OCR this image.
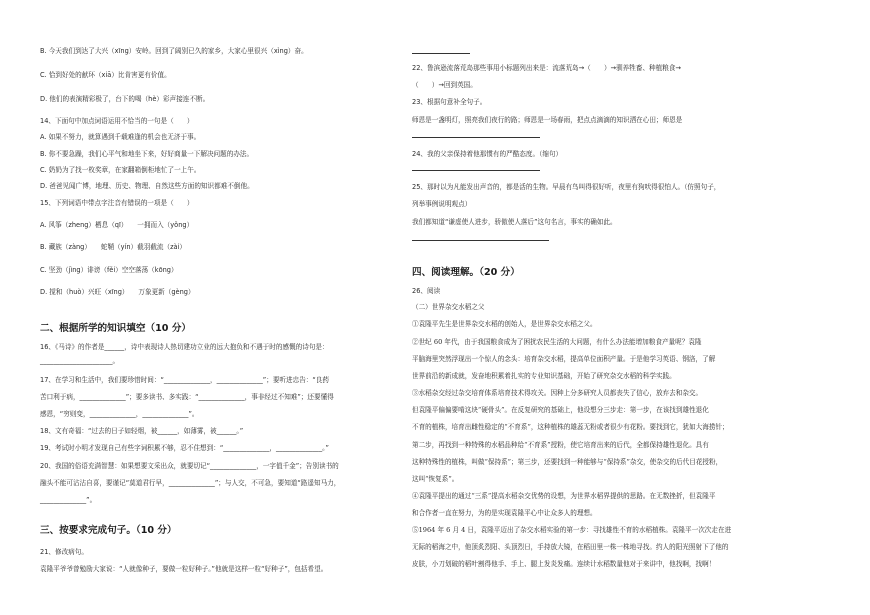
B. 今天我们到达了大兴（xīng）安岭。回到了阔别已久的家乡，大家心里很兴（xìng）奋。
C. 恰到好处的献环（xiā）比肯害更有价值。
D. 他们的表演精彩极了，台下的喝（hè）彩声接连不断。
14、下面句中加点词语运用不恰当的一句是（　　）
A. 如果不努力，就算遇到千载难逢的机会也无济于事。
B. 你不要急躁，我们心平气和地坐下来，好好商量一下解决问题的办法。
C. 奶奶为了找一枚奖章，在家翻箱倒柜地忙了一上午。
D. 爸爸见闻广博，地理、历史、物理、自然这些方面的知识都难不倒他。
15、下列词语中带点字注音有错误的一项是（　　）
A. 风筝（zheng）栖息（qī）　　一拥而入（yǒng）
B. 藏族（zàng）　　蛇鞘（yín）截羽截流（zài）
C. 坚劲（jìng）诽谤（fěi）空空落荡（kōng）
D. 搅和（huò）兴旺（xīng）　　万象更新（gèng）
二、根据所学的知识填空（10 分）
16、《马诗》的作者是______，诗中表现诗人热切建功立业的远大抱负和不遇于时的感慨的诗句是：
______________________。
17、在学习和生活中，我们要珍惜时间：“______________，______________”；要听进忠告：“良药
苦口利于病，______________”；要多读书、多实践：“______________，事非经过不知难”；还要懂得
感恩，“穷则变，______________，______________”。
18、文有奇福：“过去的日子如轻烟，被______，如薄雾，被______。”
19、考试时小明才发现自己有些字词积累不够，忍不住想到：“______________，______________。”
20、我国的俗语充满智慧：如果想要文采出众，就要切记“______________，一字值千金”；告别读书的
融头不能可沾沾自喜，要谨记“莫道君行早，______________”；与人交，不可急，要知道“路遥知马力，
______________”。
三、按要求完成句子。（10 分）
21、修改病句。
袁隆平爷爷曾勉励大家说：“人就像种子，要做一粒好种子。”他就是这样一粒“好种子”，包括希望。
22、鲁滨逊流落荒岛那些事用小标题列出来是：流落荒岛→（　　）→驯养牲畜、种植粮食→
（　　）→回到英国。
23、根据句意补全句子。
师恩是一盏明灯，照亮我们夜行的路；师恩是一场春雨，把点点滴滴的知识洒在心田；师恩是
24、我的父亲保持着他那惯有的严酷态度。（缩句）
25、那时以为凡能发出声音的，都是活的生物。早晨有鸟叫得很好听，夜里有狗吠得很怕人。（仿照句子，
列举事例说明观点）
我们都知道“谦虚使人进步，骄傲使人落后”这句名言，事实的确如此。
四、阅读理解。（20 分）
26、阅读
（二）世界杂交水稻之父
①袁隆平先生是世界杂交水稻的创始人，是世界杂交水稻之父。
②世纪 60 年代，由于我国粮食成为了困扰农民生活的大问题，有什么办法能增加粮食产量呢？袁隆
平脑海里突然浮现出一个惊人的念头：培育杂交水稻，提高单位面积产量。于是他学习英语、钢洛，了解
世界前沿的新成就，发奋地积累着扎实的专业知识基础，开始了研究杂交水稻的科学实践。
③水稻杂交经过杂交培育体系培育技术得攻关。因种上分多研究人员都丧失了信心，放弃去和杂交。
但袁隆平偏偏要啃这块“硬骨头”。在反复研究的基础上，他设想分三步走：第一步，在该找到雄性退化
不育的植株，培育出雌性稳定的“不育系”，这种植株的雄蕊无粉或者很少有花粉。要找到它，犹如大海捞针；
第二步，再找到一种特殊的水稻品种给“不育系”授粉，使它培育出来的后代，全都保持雄性退化。具有
这种特殊性的植株，叫做“保持系”；第三步，还要找到一种能够与“保持系”杂交，使杂交的后代目花授粉，
这叫“恢复系”。
④袁隆平提出的通过“三系”提高水稻杂交优势的设想，为世界水稻界提供的思路。在无数挫折，但袁隆平
和合作者一直在努力，为的是实现袁隆平心中让众多人的理想。
⑤1964 年 6 月 4 日，袁隆平迈出了杂交水稻实验的第一步：寻找雄性不育的水稻植株。袁隆平一次次走在进
无际的稻海之中，他顶炙烈阳、头顶烈日，手持放大镜，在稻田里一株一株地寻找。约人的阳光照射下了他的
皮肤，小刀划破的稻叶割得他手、手上、腿上发炎发痛。连续计水稻数量他对于来讲中，他找啊，找啊！
